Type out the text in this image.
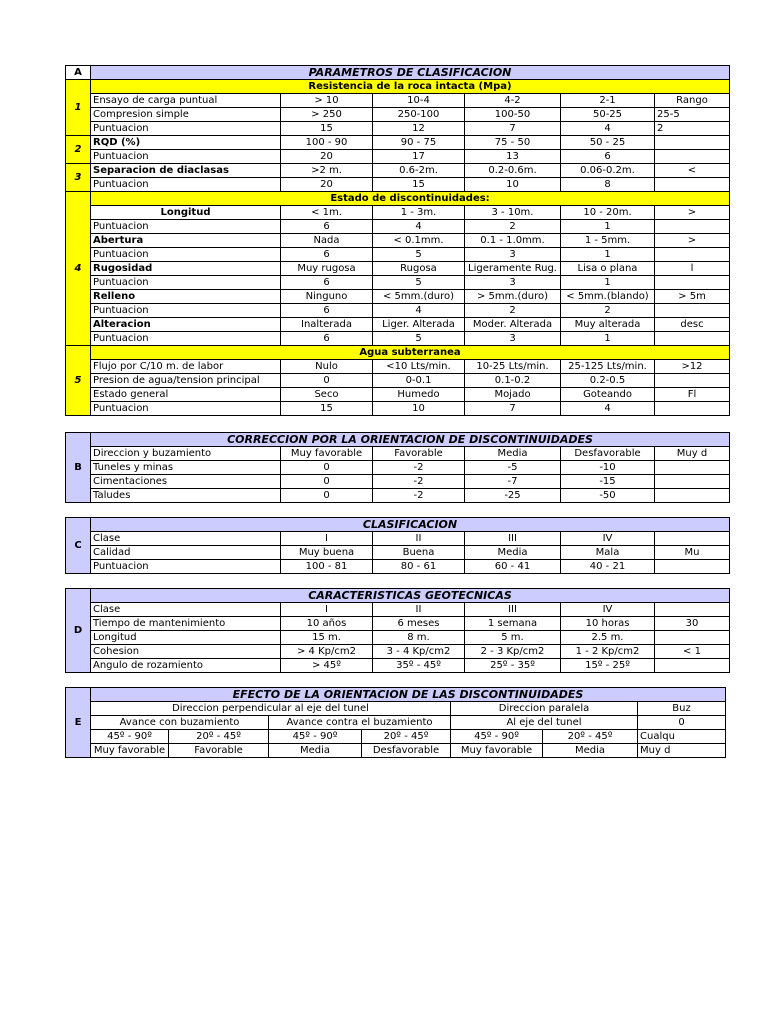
A	PARAMETROS DE CLASIFICACION					
1	Resistencia de la roca intacta (Mpa)					
	Ensayo de carga puntual	> 10	10-4	4-2	2-1	Rango
	Compresion simple	> 250	250-100	100-50	50-25	25-5
	Puntuacion	15	12	7	4	2
2	RQD (%)	100 - 90	90 - 75	75 - 50	50 - 25	
	Puntuacion	20	17	13	6	
3	Separacion de diaclasas	>2 m.	0.6-2m.	0.2-0.6m.	0.06-0.2m.	<
	Puntuacion	20	15	10	8	
4	Estado de discontinuidades:					
	Longitud	< 1m.	1 - 3m.	3 - 10m.	10 - 20m.	>
	Puntuacion	6	4	2	1	
	Abertura	Nada	< 0.1mm.	0.1 - 1.0mm.	1 - 5mm.	>
	Puntuacion	6	5	3	1	
	Rugosidad	Muy rugosa	Rugosa	Ligeramente Rug.	Lisa o plana	l
	Puntuacion	6	5	3	1	
	Relleno	Ninguno	< 5mm.(duro)	> 5mm.(duro)	< 5mm.(blando)	> 5m
	Puntuacion	6	4	2	2	
	Alteracion	Inalterada	Liger. Alterada	Moder. Alterada	Muy alterada	desc
	Puntuacion	6	5	3	1	
5	Agua subterranea					
	Flujo por C/10 m. de labor	Nulo	<10 Lts/min.	10-25 Lts/min.	25-125 Lts/min.	>12
	Presion de agua/tension principal	0	0-0.1	0.1-0.2	0.2-0.5	
	Estado general	Seco	Humedo	Mojado	Goteando	Fl
	Puntuacion	15	10	7	4	
B	CORRECCION POR LA ORIENTACION DE DISCONTINUIDADES					
	Direccion y buzamiento	Muy favorable	Favorable	Media	Desfavorable	Muy d
	Tuneles y minas	0	-2	-5	-10	
	Cimentaciones	0	-2	-7	-15	
	Taludes	0	-2	-25	-50	
C	CLASIFICACION					
	Clase	I	II	III	IV	
	Calidad	Muy buena	Buena	Media	Mala	Mu
	Puntuacion	100 - 81	80 - 61	60 - 41	40 - 21	
D	CARACTERISTICAS GEOTECNICAS					
	Clase	I	II	III	IV	
	Tiempo de mantenimiento	10 años	6 meses	1 semana	10 horas	30
	Longitud	15 m.	8 m.	5 m.	2.5 m.	
	Cohesion	> 4 Kp/cm2	3 - 4 Kp/cm2	2 - 3 Kp/cm2	1 - 2 Kp/cm2	< 1
	Angulo de rozamiento	> 45º	35º - 45º	25º - 35º	15º - 25º	
E	EFECTO DE LA ORIENTACION DE LAS DISCONTINUIDADES						
	Direccion perpendicular al eje del tunel				Direccion paralela		Buz
	Avance con buzamiento		Avance contra el buzamiento		Al eje del tunel		0
	45º - 90º	20º - 45º	45º - 90º	20º - 45º	45º - 90º	20º - 45º	Cualqu
	Muy favorable	Favorable	Media	Desfavorable	Muy favorable	Media	Muy d
